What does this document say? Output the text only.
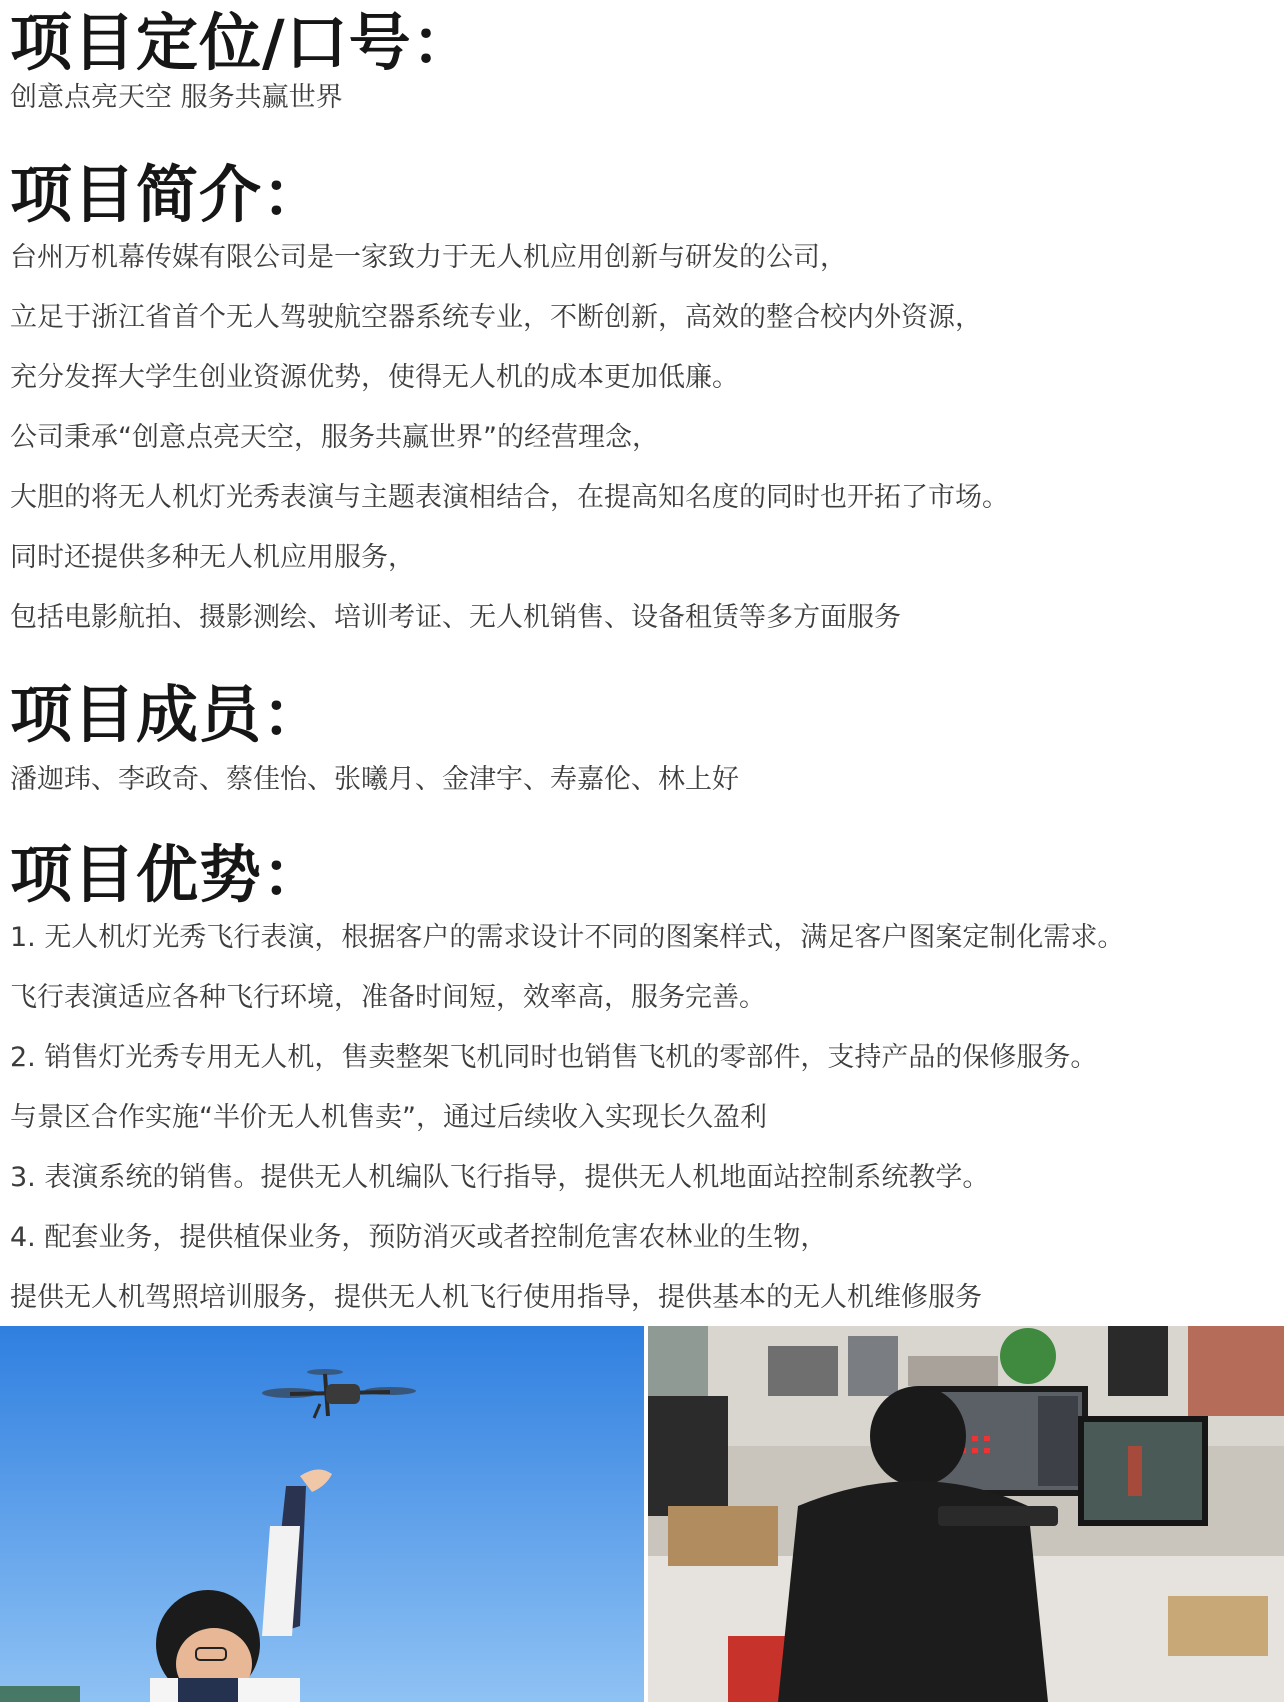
项目定位/口号：
创意点亮天空 服务共赢世界
项目简介：
台州万机幕传媒有限公司是一家致力于无人机应用创新与研发的公司，
立足于浙江省首个无人驾驶航空器系统专业，不断创新，高效的整合校内外资源，
充分发挥大学生创业资源优势，使得无人机的成本更加低廉。
公司秉承“创意点亮天空，服务共赢世界”的经营理念，
大胆的将无人机灯光秀表演与主题表演相结合，在提高知名度的同时也开拓了市场。
同时还提供多种无人机应用服务，
包括电影航拍、摄影测绘、培训考证、无人机销售、设备租赁等多方面服务
项目成员：
潘迦玮、李政奇、蔡佳怡、张曦月、金津宇、寿嘉伦、林上好
项目优势：
1. 无人机灯光秀飞行表演，根据客户的需求设计不同的图案样式，满足客户图案定制化需求。
飞行表演适应各种飞行环境，准备时间短，效率高，服务完善。
2. 销售灯光秀专用无人机，售卖整架飞机同时也销售飞机的零部件，支持产品的保修服务。
与景区合作实施“半价无人机售卖”，通过后续收入实现长久盈利
3. 表演系统的销售。提供无人机编队飞行指导，提供无人机地面站控制系统教学。
4. 配套业务，提供植保业务，预防消灭或者控制危害农林业的生物，
提供无人机驾照培训服务，提供无人机飞行使用指导，提供基本的无人机维修服务
